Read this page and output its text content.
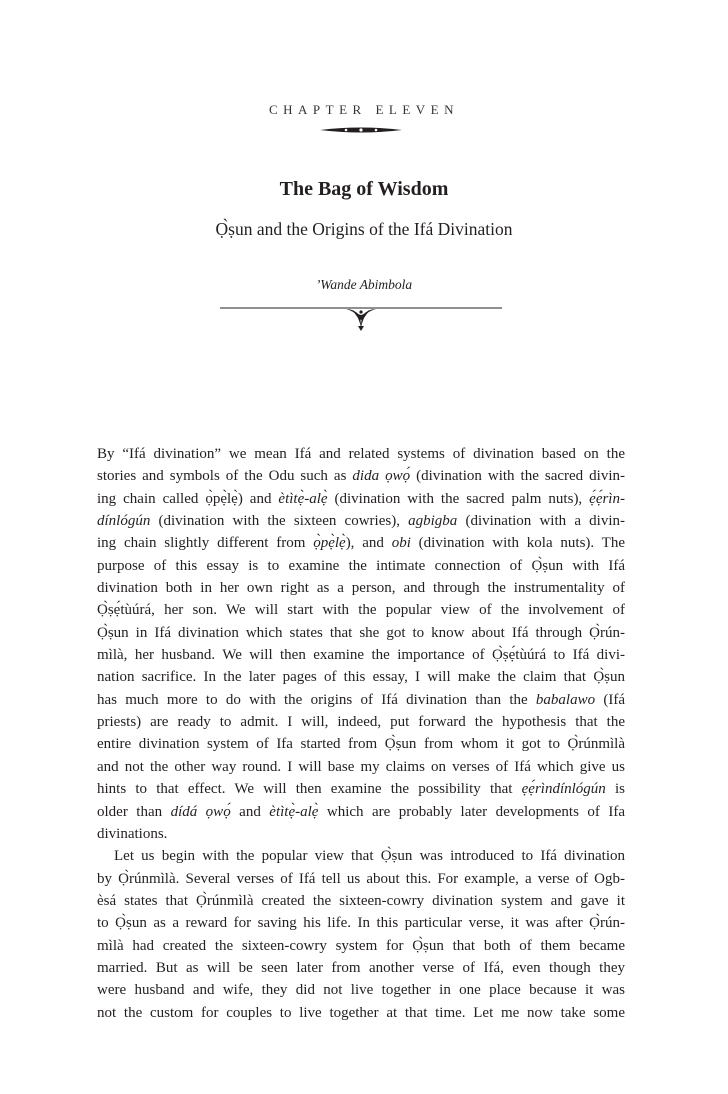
CHAPTER ELEVEN
The Bag of Wisdom
Ọ̀ṣun and the Origins of the Ifá Divination
’Wande Abimbola
By “Ifá divination” we mean Ifá and related systems of divination based on the
stories and symbols of the Odu such as dida ọwọ́ (divination with the sacred divin-
ing chain called ọ̀pẹ̀lẹ̀) and ètìtẹ̀-alẹ̀ (divination with the sacred palm nuts), ẹ́ẹ́rìn-
dínlógún (divination with the sixteen cowries), agbigba (divination with a divin-
ing chain slightly different from ọ̀pẹ̀lẹ̀), and obi (divination with kola nuts). The
purpose of this essay is to examine the intimate connection of Ọ̀ṣun with Ifá
divination both in her own right as a person, and through the instrumentality of
Ọ̀ṣẹ́tùúrá, her son. We will start with the popular view of the involvement of
Ọ̀ṣun in Ifá divination which states that she got to know about Ifá through Ọ̀rún-
mìlà, her husband. We will then examine the importance of Ọ̀ṣẹ́tùúrá to Ifá divi-
nation sacrifice. In the later pages of this essay, I will make the claim that Ọ̀ṣun
has much more to do with the origins of Ifá divination than the babalawo (Ifá
priests) are ready to admit. I will, indeed, put forward the hypothesis that the
entire divination system of Ifa started from Ọ̀ṣun from whom it got to Ọ̀rúnmìlà
and not the other way round. I will base my claims on verses of Ifá which give us
hints to that effect. We will then examine the possibility that ẹẹ́rìndínlógún is
older than dídá ọwọ́ and ètìtẹ̀-alẹ̀ which are probably later developments of Ifa
divinations.
Let us begin with the popular view that Ọ̀ṣun was introduced to Ifá divination
by Ọ̀rúnmìlà. Several verses of Ifá tell us about this. For example, a verse of Ogb-
èsá states that Ọ̀rúnmìlà created the sixteen-cowry divination system and gave it
to Ọ̀ṣun as a reward for saving his life. In this particular verse, it was after Ọ̀rún-
mìlà had created the sixteen-cowry system for Ọ̀ṣun that both of them became
married. But as will be seen later from another verse of Ifá, even though they
were husband and wife, they did not live together in one place because it was
not the custom for couples to live together at that time. Let me now take some
